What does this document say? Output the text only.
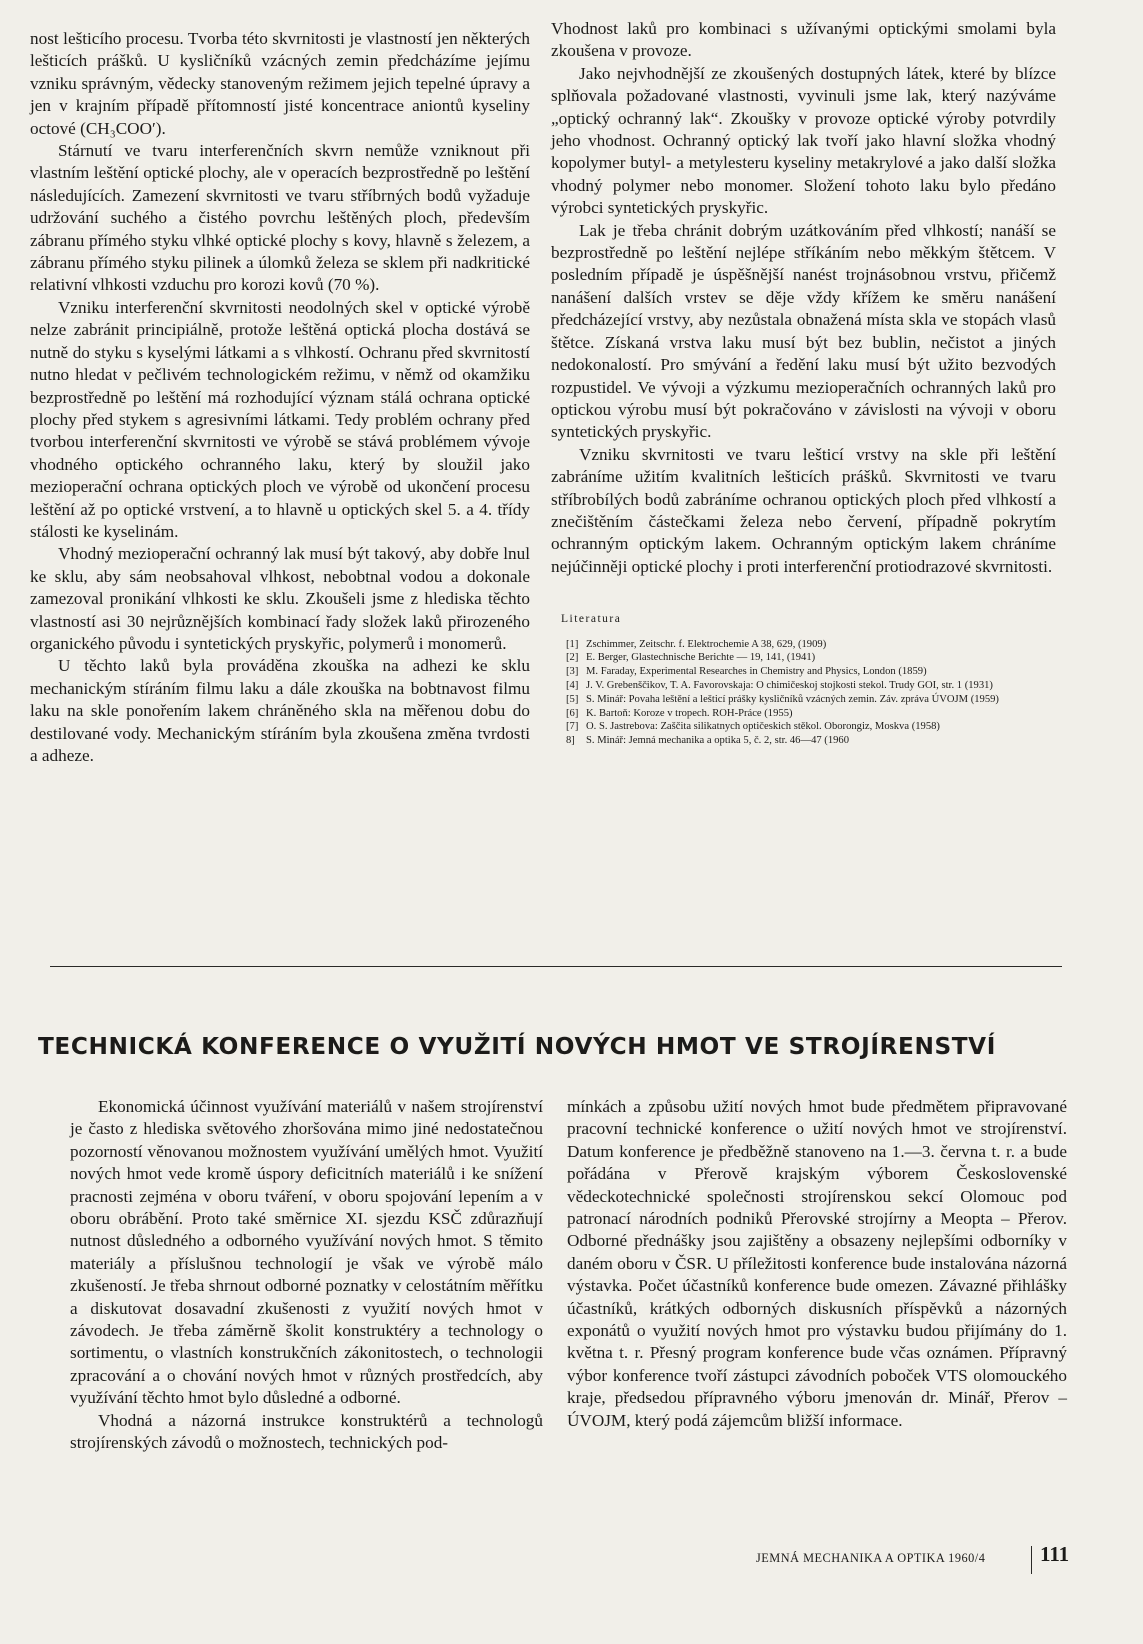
nost lešticího procesu. Tvorba této skvrnitosti je vlastností jen některých lešticích prášků. U kysličníků vzácných zemin předcházíme jejímu vzniku správným, vědecky stanoveným režimem jejich tepelné úpravy a jen v krajním případě přítomností jisté koncentrace aniontů kyseliny octové (CH₃COO′).

Stárnutí ve tvaru interferenčních skvrn nemůže vzniknout při vlastním leštění optické plochy, ale v operacích bezprostředně po leštění následujících. Zamezení skvrnitosti ve tvaru stříbrných bodů vyžaduje udržování suchého a čistého povrchu leštěných ploch, především zábranu přímého styku vlhké optické plochy s kovy, hlavně s železem, a zábranu přímého styku pilinek a úlomků železa se sklem při nadkritické relativní vlhkosti vzduchu pro korozi kovů (70 %).

Vzniku interferenční skvrnitosti neodolných skel v optické výrobě nelze zabránit principiálně, protože leštěná optická plocha dostává se nutně do styku s kyselými látkami a s vlhkostí. Ochranu před skvrnitostí nutno hledat v pečlivém technologickém režimu, v němž od okamžiku bezprostředně po leštění má rozhodující význam stálá ochrana optické plochy před stykem s agresivními látkami. Tedy problém ochrany před tvorbou interferenční skvrnitosti ve výrobě se stává problémem vývoje vhodného optického ochranného laku, který by sloužil jako mezioperační ochrana optických ploch ve výrobě od ukončení procesu leštění až po optické vrstvení, a to hlavně u optických skel 5. a 4. třídy stálosti ke kyselinám.

Vhodný mezioperační ochranný lak musí být takový, aby dobře lnul ke sklu, aby sám neobsahoval vlhkost, nebobtnal vodou a dokonale zamezoval pronikání vlhkosti ke sklu. Zkoušeli jsme z hlediska těchto vlastností asi 30 nejrůznějších kombinací řady složek laků přirozeného organického původu i syntetických pryskyřic, polymerů i monomerů.

U těchto laků byla prováděna zkouška na adhezi ke sklu mechanickým stíráním filmu laku a dále zkouška na bobtnavost filmu laku na skle ponořením lakem chráněného skla na měřenou dobu do destilované vody. Mechanickým stíráním byla zkoušena změna tvrdosti a adheze.

Vhodnost laků pro kombinaci s užívanými optickými smolami byla zkoušena v provoze.

Jako nejvhodnější ze zkoušených dostupných látek, které by blízce splňovala požadované vlastnosti, vyvinuli jsme lak, který nazýváme „optický ochranný lak“. Zkoušky v provoze optické výroby potvrdily jeho vhodnost. Ochranný optický lak tvoří jako hlavní složka vhodný kopolymer butyl- a metylesteru kyseliny metakrylové a jako další složka vhodný polymer nebo monomer. Složení tohoto laku bylo předáno výrobci syntetických pryskyřic.

Lak je třeba chránit dobrým uzátkováním před vlhkostí; nanáší se bezprostředně po leštění nejlépe stříkáním nebo měkkým štětcem. V posledním případě je úspěšnější nanést trojnásobnou vrstvu, přičemž nanášení dalších vrstev se děje vždy křížem ke směru nanášení předcházející vrstvy, aby nezůstala obnažená místa skla ve stopách vlasů štětce. Získaná vrstva laku musí být bez bublin, nečistot a jiných nedokonalostí. Pro smývání a ředění laku musí být užito bezvodých rozpustidel. Ve vývoji a výzkumu mezioperačních ochranných laků pro optickou výrobu musí být pokračováno v závislosti na vývoji v oboru syntetických pryskyřic.

Vzniku skvrnitosti ve tvaru lešticí vrstvy na skle při leštění zabráníme užitím kvalitních lešticích prášků. Skvrnitosti ve tvaru stříbrobílých bodů zabráníme ochranou optických ploch před vlhkostí a znečištěním částečkami železa nebo červení, případně pokrytím ochranným optickým lakem. Ochranným optickým lakem chráníme nejúčinněji optické plochy i proti interferenční protiodrazové skvrnitosti.

Literatura
[1] Zschimmer, Zeitschr. f. Elektrochemie A 38, 629, (1909)
[2] E. Berger, Glastechnische Berichte — 19, 141, (1941)
[3] M. Faraday, Experimental Researches in Chemistry and Physics, London (1859)
[4] J. V. Grebenščikov, T. A. Favorovskaja: O chimičeskoj stojkosti stekol. Trudy GOI, str. 1 (1931)
[5] S. Minář: Povaha leštění a lešticí prášky kysličníků vzácných zemin. Záv. zpráva ÚVOJM (1959)
[6] K. Bartoň: Koroze v tropech. ROH-Práce (1955)
[7] O. S. Jastrebova: Zaščita silikatnych optičeskich stěkol. Oborongiz, Moskva (1958)
8]	S. Minář: Jemná mechanika a optika 5, č. 2, str. 46—47 (1960
TECHNICKÁ KONFERENCE O VYUŽITÍ NOVÝCH HMOT VE STROJÍRENSTVÍ

Ekonomická účinnost využívání materiálů v našem strojírenství je často z hlediska světového zhoršována mimo jiné nedostatečnou pozorností věnovanou možnostem využívání umělých hmot. Využití nových hmot vede kromě úspory deficitních materiálů i ke snížení pracnosti zejména v oboru tváření, v oboru spojování lepením a v oboru obrábění. Proto také směrnice XI. sjezdu KSČ zdůrazňují nutnost důsledného a odborného využívání nových hmot. S těmito materiály a příslušnou technologií je však ve výrobě málo zkušeností. Je třeba shrnout odborné poznatky v celostátním měřítku a diskutovat dosavadní zkušenosti z využití nových hmot v závodech. Je třeba záměrně školit konstruktéry a technology o sortimentu, o vlastních konstrukčních zákonitostech, o technologii zpracování a o chování nových hmot v různých prostředcích, aby využívání těchto hmot bylo důsledné a odborné.

Vhodná a názorná instrukce konstruktérů a technologů strojírenských závodů o možnostech, technických pod-

mínkách a způsobu užití nových hmot bude předmětem připravované pracovní technické konference o užití nových hmot ve strojírenství. Datum konference je předběžně stanoveno na 1.—3. června t. r. a bude pořádána v Přerově krajským výborem Československé vědeckotechnické společnosti strojírenskou sekcí Olomouc pod patronací národních podniků Přerovské strojírny a Meopta – Přerov. Odborné přednášky jsou zajištěny a obsazeny nejlepšími odborníky v daném oboru v ČSR. U příležitosti konference bude instalována názorná výstavka. Počet účastníků konference bude omezen. Závazné přihlášky účastníků, krátkých odborných diskusních příspěvků a názorných exponátů o využití nových hmot pro výstavku budou přijímány do 1. května t. r. Přesný program konference bude včas oznámen. Přípravný výbor konference tvoří zástupci závodních poboček VTS olomouckého kraje, předsedou přípravného výboru jmenován dr. Minář, Přerov – ÚVOJM, který podá zájemcům bližší informace.

JEMNÁ MECHANIKA A OPTIKA 1960/4	111
